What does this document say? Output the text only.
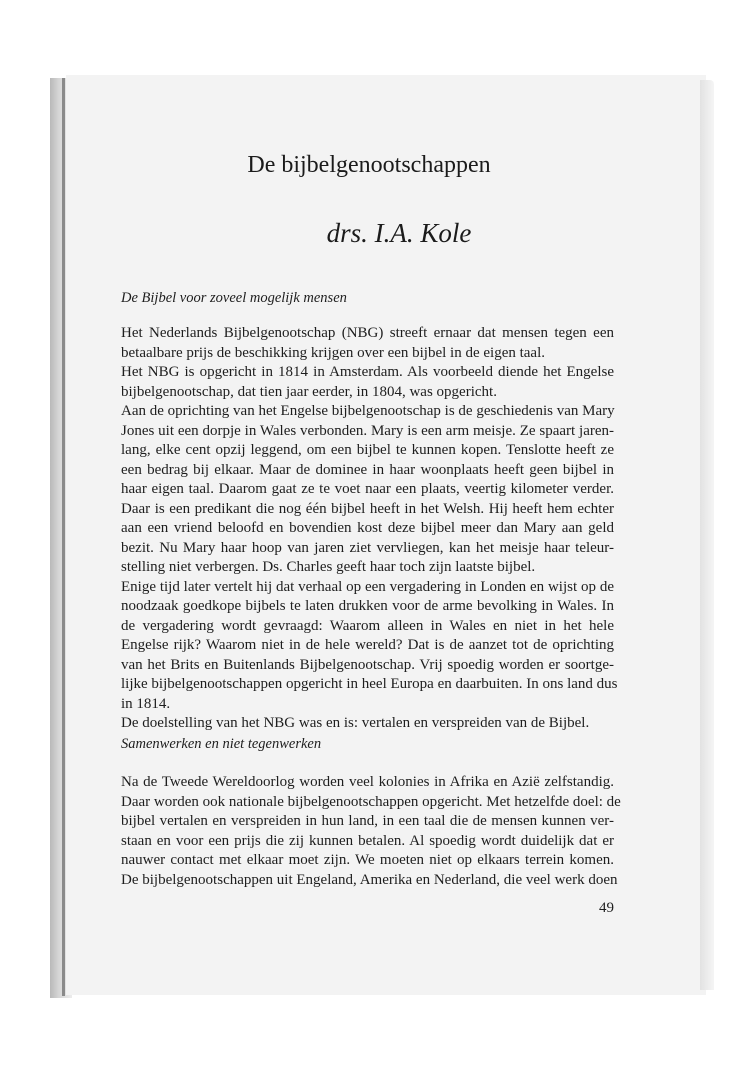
De bijbelgenootschappen
drs. I.A. Kole
De Bijbel voor zoveel mogelijk mensen
Het Nederlands Bijbelgenootschap (NBG) streeft ernaar dat mensen tegen een
betaalbare prijs de beschikking krijgen over een bijbel in de eigen taal.
Het NBG is opgericht in 1814 in Amsterdam. Als voorbeeld diende het Engelse
bijbelgenootschap, dat tien jaar eerder, in 1804, was opgericht.
Aan de oprichting van het Engelse bijbelgenootschap is de geschiedenis van Mary
Jones uit een dorpje in Wales verbonden. Mary is een arm meisje. Ze spaart jaren-
lang, elke cent opzij leggend, om een bijbel te kunnen kopen. Tenslotte heeft ze
een bedrag bij elkaar. Maar de dominee in haar woonplaats heeft geen bijbel in
haar eigen taal. Daarom gaat ze te voet naar een plaats, veertig kilometer verder.
Daar is een predikant die nog één bijbel heeft in het Welsh. Hij heeft hem echter
aan een vriend beloofd en bovendien kost deze bijbel meer dan Mary aan geld
bezit. Nu Mary haar hoop van jaren ziet vervliegen, kan het meisje haar teleur-
stelling niet verbergen. Ds. Charles geeft haar toch zijn laatste bijbel.
Enige tijd later vertelt hij dat verhaal op een vergadering in Londen en wijst op de
noodzaak goedkope bijbels te laten drukken voor de arme bevolking in Wales. In
de vergadering wordt gevraagd: Waarom alleen in Wales en niet in het hele
Engelse rijk? Waarom niet in de hele wereld? Dat is de aanzet tot de oprichting
van het Brits en Buitenlands Bijbelgenootschap. Vrij spoedig worden er soortge-
lijke bijbelgenootschappen opgericht in heel Europa en daarbuiten. In ons land dus
in 1814.
De doelstelling van het NBG was en is: vertalen en verspreiden van de Bijbel.
Samenwerken en niet tegenwerken
Na de Tweede Wereldoorlog worden veel kolonies in Afrika en Azië zelfstandig.
Daar worden ook nationale bijbelgenootschappen opgericht. Met hetzelfde doel: de
bijbel vertalen en verspreiden in hun land, in een taal die de mensen kunnen ver-
staan en voor een prijs die zij kunnen betalen. Al spoedig wordt duidelijk dat er
nauwer contact met elkaar moet zijn. We moeten niet op elkaars terrein komen.
De bijbelgenootschappen uit Engeland, Amerika en Nederland, die veel werk doen
49
